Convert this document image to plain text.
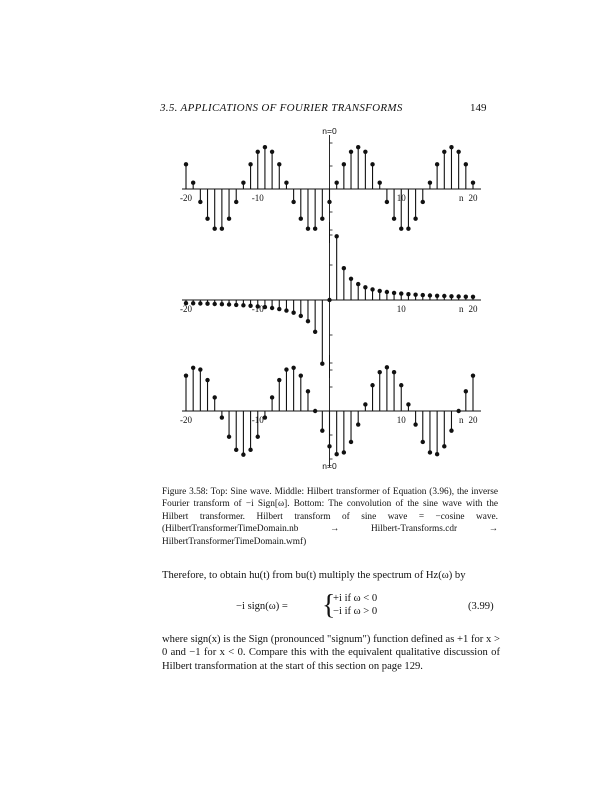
3.5. APPLICATIONS OF FOURIER TRANSFORMS	149
-20	-10	10	20
n
n=0
-20	-10	10	20
n
-20	-10	10	20
n
n=0
Figure 3.58: Top: Sine wave. Middle: Hilbert transformer of Equation (3.96), the inverse Fourier transform of −i Sign[ω]. Bottom: The convolution of the sine wave with the Hilbert transformer. Hilbert transform of sine wave = −cosine wave. (HilbertTransformerTimeDomain.nb → Hilbert-Transforms.cdr → HilbertTransformerTimeDomain.wmf)
Therefore, to obtain hu(t) from bu(t) multiply the spectrum of Hz(ω) by
−i sign(ω) = {
+i if ω < 0
−i if ω > 0	(3.99)
where sign(x) is the Sign (pronounced "signum") function defined as +1 for x > 0 and −1 for x < 0. Compare this with the equivalent qualitative discussion of Hilbert transformation at the start of this section on page 129.
